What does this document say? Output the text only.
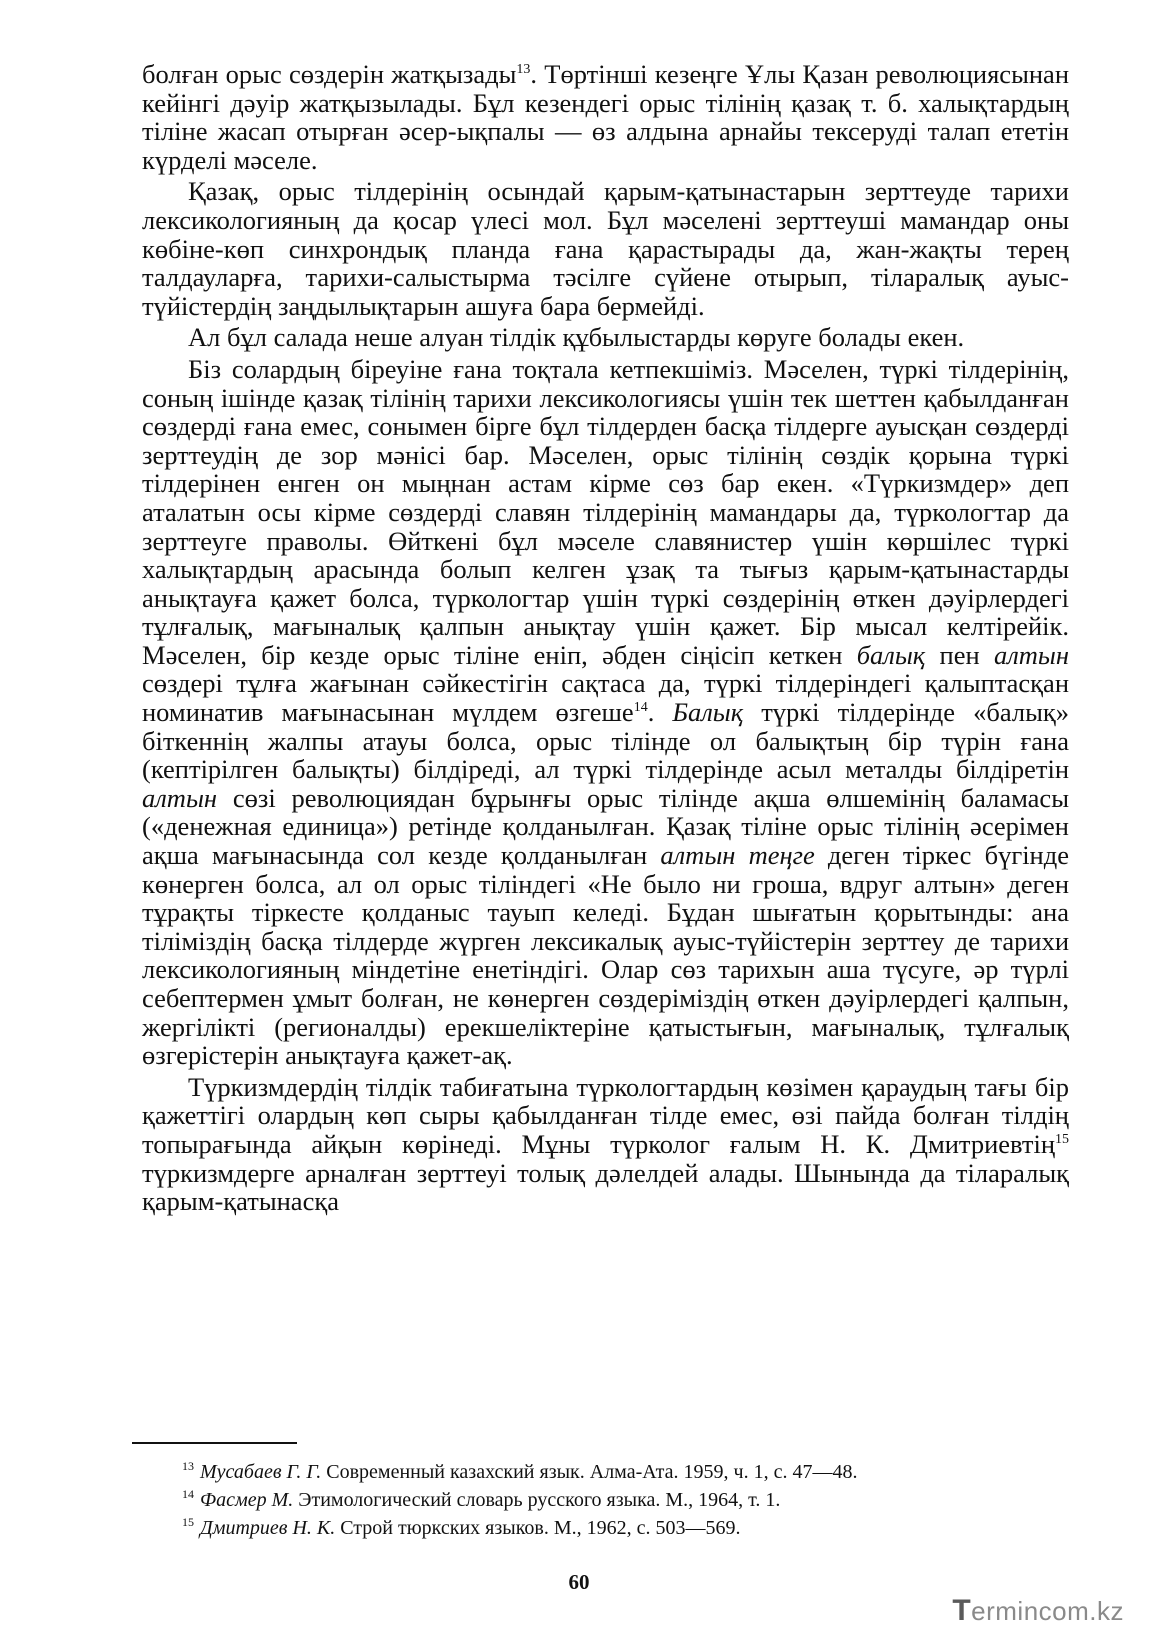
болған орыс сөздерін жатқызады$^{13}$. Төртінші кезеңге Ұлы Қазан революциясынан кейінгі дәуір жатқызылады. Бұл кезендегі орыс тілінің қазақ т. б. халықтардың тіліне жасап отырған әсер-ықпалы — өз алдына арнайы тексеруді талап ететін күрделі мәселе.

Қазақ, орыс тілдерінің осындай қарым-қатынастарын зерттеуде тарихи лексикологияның да қосар үлесі мол. Бұл мәселені зерттеуші мамандар оны көбіне-көп синхрондық планда ғана қарастырады да, жан-жақты терең талдауларға, тарихи-салыстырма тәсілге сүйене отырып, тіларалық ауыс-түйістердің заңдылықтарын ашуға бара бермейді.

Ал бұл салада неше алуан тілдік құбылыстарды көруге болады екен.

Біз солардың біреуіне ғана тоқтала кетпекшіміз. Мәселен, түркі тілдерінің, соның ішінде қазақ тілінің тарихи лексикологиясы үшін тек шеттен қабылданған сөздерді ғана емес, сонымен бірге бұл тілдерден басқа тілдерге ауысқан сөздерді зерттеудің де зор мәнісі бар. Мәселен, орыс тілінің сөздік қорына түркі тілдерінен енген он мыңнан астам кірме сөз бар екен. «Түркизмдер» деп аталатын осы кірме сөздерді славян тілдерінің мамандары да, түркологтар да зерттеуге праволы. Өйткені бұл мәселе славянистер үшін көршілес түркі халықтардың арасында болып келген ұзақ та тығыз қарым-қатынастарды анықтауға қажет болса, түркологтар үшін түркі сөздерінің өткен дәуірлердегі тұлғалық, мағыналық қалпын анықтау үшін қажет. Бір мысал келтірейік. Мәселен, бір кезде орыс тіліне еніп, әбден сіңісіп кеткен балық пен алтын сөздері тұлға жағынан сәйкестігін сақтаса да, түркі тілдеріндегі қалыптасқан номинатив мағынасынан мүлдем өзгеше$^{14}$. Балық түркі тілдерінде «балық» біткеннің жалпы атауы болса, орыс тілінде ол балықтың бір түрін ғана (кептірілген балықты) білдіреді, ал түркі тілдерінде асыл металды білдіретін алтын сөзі революциядан бұрынғы орыс тілінде ақша өлшемінің баламасы («денежная единица») ретінде қолданылған. Қазақ тіліне орыс тілінің әсерімен ақша мағынасында сол кезде қолданылған алтын теңге деген тіркес бүгінде көнерген болса, ал ол орыс тіліндегі «Не было ни гроша, вдруг алтын» деген тұрақты тіркесте қолданыс тауып келеді. Бұдан шығатын қорытынды: ана тіліміздің басқа тілдерде жүрген лексикалық ауыс-түйістерін зерттеу де тарихи лексикологияның міндетіне енетіндігі. Олар сөз тарихын аша түсуге, әр түрлі себептермен ұмыт болған, не көнерген сөздеріміздің өткен дәуірлердегі қалпын, жергілікті (регионалды) ерекшеліктеріне қатыстығын, мағыналық, тұлғалық өзгерістерін анықтауға қажет-ақ.

Түркизмдердің тілдік табиғатына түркологтардың көзімен қараудың тағы бір қажеттігі олардың көп сыры қабылданған тілде емес, өзі пайда болған тілдің топырағында айқын көрінеді. Мұны түрколог ғалым Н. К. Дмитриевтің$^{15}$ түркизмдерге арналған зерттеуі толық дәлелдей алады. Шынында да тіларалық қарым-қатынасқа

$^{13}$ Мусабаев Г. Г. Современный казахский язык. Алма-Ата. 1959, ч. 1, с. 47—48.
$^{14}$ Фасмер М. Этимологический словарь русского языка. М., 1964, т. 1.
$^{15}$ Дмитриев Н. К. Строй тюркских языков. М., 1962, с. 503—569.
60
Termincom.kz
